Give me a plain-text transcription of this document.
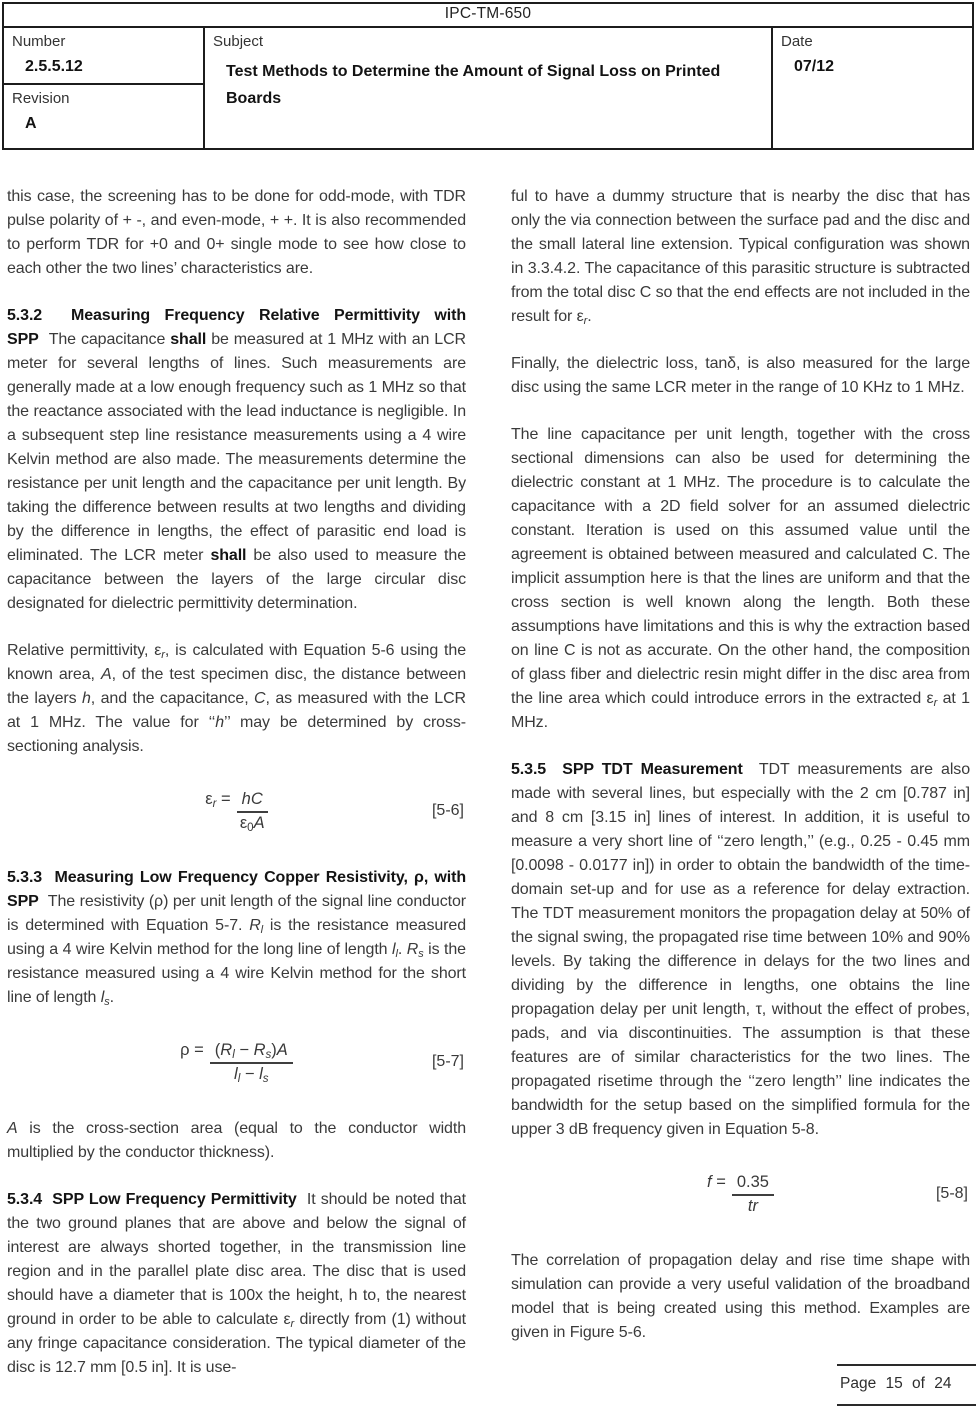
IPC-TM-650
Number
2.5.5.12
Revision
A
Subject
Test Methods to Determine the Amount of Signal Loss on Printed Boards
Date
07/12

this case, the screening has to be done for odd-mode, with TDR pulse polarity of + -, and even-mode, + +. It is also recommended to perform TDR for +0 and 0+ single mode to see how close to each other the two lines’ characteristics are.

5.3.2  Measuring Frequency Relative Permittivity with SPP  The capacitance shall be measured at 1 MHz with an LCR meter for several lengths of lines. Such measurements are generally made at a low enough frequency such as 1 MHz so that the reactance associated with the lead inductance is negligible. In a subsequent step line resistance measurements using a 4 wire Kelvin method are also made. The measurements determine the resistance per unit length and the capacitance per unit length. By taking the difference between results at two lengths and dividing by the difference in lengths, the effect of parasitic end load is eliminated. The LCR meter shall be also used to measure the capacitance between the layers of the large circular disc designated for dielectric permittivity determination.

Relative permittivity, $\varepsilon_r$, is calculated with Equation 5-6 using the known area, A, of the test specimen disc, the distance between the layers h, and the capacitance, C, as measured with the LCR at 1 MHz. The value for ‘‘h’’ may be determined by cross-sectioning analysis.

$\varepsilon_r = \frac{hC}{\varepsilon_0A}$	[5-6]

5.3.3  Measuring Low Frequency Copper Resistivity, ρ, with SPP  The resistivity (ρ) per unit length of the signal line conductor is determined with Equation 5-7. $R_l$ is the resistance measured using a 4 wire Kelvin method for the long line of length $l_l$. $R_s$ is the resistance measured using a 4 wire Kelvin method for the short line of length $l_s$.

$\rho = \frac{(R_l - R_s)A}{l_l - l_s}$	[5-7]

A is the cross-section area (equal to the conductor width multiplied by the conductor thickness).

5.3.4  SPP Low Frequency Permittivity  It should be noted that the two ground planes that are above and below the signal of interest are always shorted together, in the transmission line region and in the parallel plate disc area. The disc that is used should have a diameter that is 100x the height, h to, the nearest ground in order to be able to calculate $\varepsilon_r$ directly from (1) without any fringe capacitance consideration. The typical diameter of the disc is 12.7 mm [0.5 in]. It is use-

ful to have a dummy structure that is nearby the disc that has only the via connection between the surface pad and the disc and the small lateral line extension. Typical configuration was shown in 3.3.4.2. The capacitance of this parasitic structure is subtracted from the total disc C so that the end effects are not included in the result for $\varepsilon_r$.

Finally, the dielectric loss, tanδ, is also measured for the large disc using the same LCR meter in the range of 10 KHz to 1 MHz.

The line capacitance per unit length, together with the cross sectional dimensions can also be used for determining the dielectric constant at 1 MHz. The procedure is to calculate the capacitance with a 2D field solver for an assumed dielectric constant. Iteration is used on this assumed value until the agreement is obtained between measured and calculated C. The implicit assumption here is that the lines are uniform and that the cross section is well known along the length. Both these assumptions have limitations and this is why the extraction based on line C is not as accurate. On the other hand, the composition of glass fiber and dielectric resin might differ in the disc area from the line area which could introduce errors in the extracted $\varepsilon_r$ at 1 MHz.

5.3.5  SPP TDT Measurement  TDT measurements are also made with several lines, but especially with the 2 cm [0.787 in] and 8 cm [3.15 in] lines of interest. In addition, it is useful to measure a very short line of ‘‘zero length,’’ (e.g., 0.25 - 0.45 mm [0.0098 - 0.0177 in]) in order to obtain the bandwidth of the time-domain set-up and for use as a reference for delay extraction. The TDT measurement monitors the propagation delay at 50% of the signal swing, the propagated rise time between 10% and 90% levels. By taking the difference in delays for the two lines and dividing by the difference in lengths, one obtains the line propagation delay per unit length, τ, without the effect of probes, pads, and via discontinuities. The assumption is that these features are of similar characteristics for the two lines. The propagated risetime through the ‘‘zero length’’ line indicates the bandwidth for the setup based on the simplified formula for the upper 3 dB frequency given in Equation 5-8.

$f = \frac{0.35}{tr}$	[5-8]

The correlation of propagation delay and rise time shape with simulation can provide a very useful validation of the broadband model that is being created using this method. Examples are given in Figure 5-6.

Page 15 of 24
